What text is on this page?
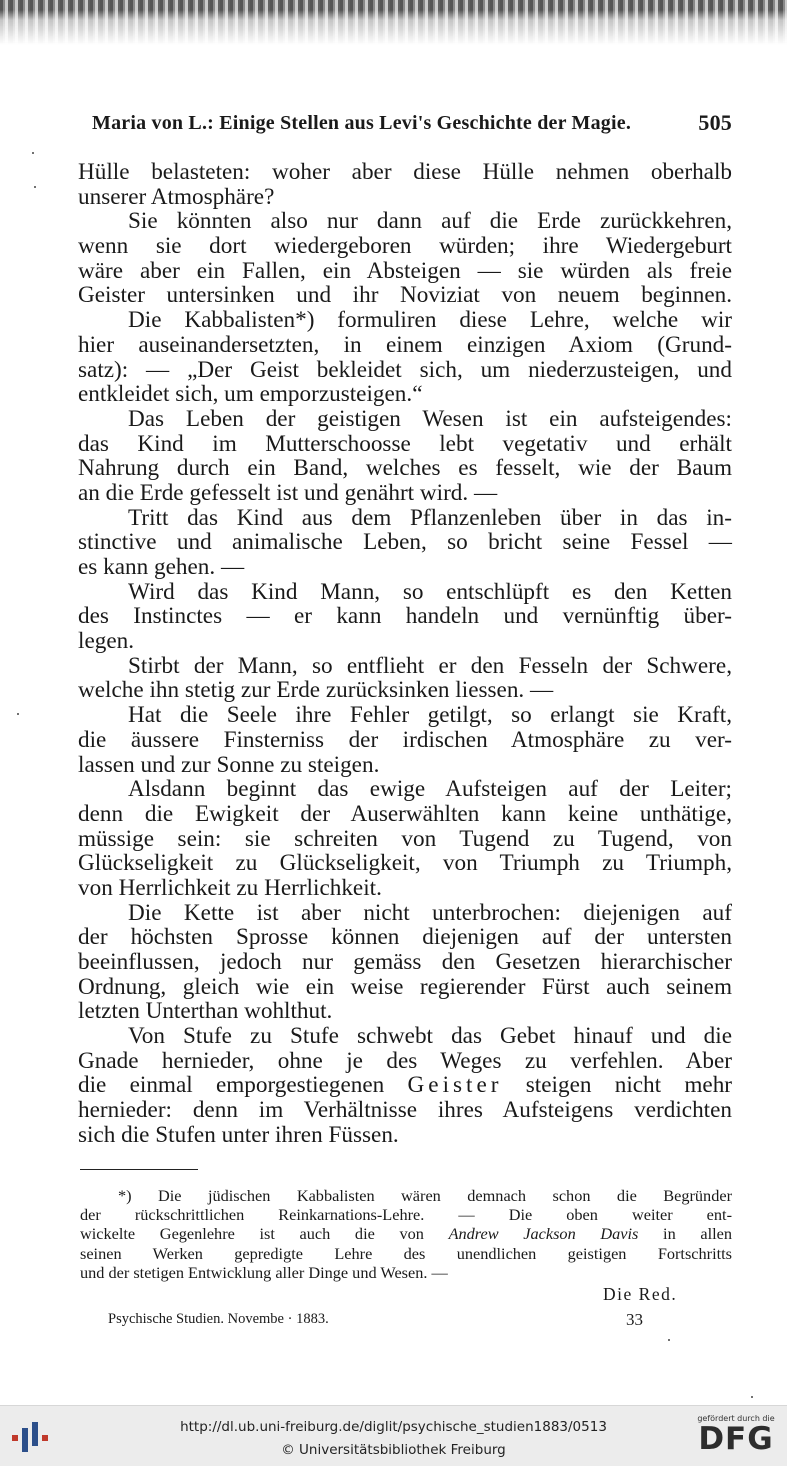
Maria von L.: Einige Stellen aus Levi's Geschichte der Magie.	505
Hülle belasteten: woher aber diese Hülle nehmen oberhalb
unserer Atmosphäre?
Sie könnten also nur dann auf die Erde zurückkehren,
wenn sie dort wiedergeboren würden; ihre Wiedergeburt
wäre aber ein Fallen, ein Absteigen — sie würden als freie
Geister untersinken und ihr Noviziat von neuem beginnen.
Die Kabbalisten*) formuliren diese Lehre, welche wir
hier auseinandersetzten, in einem einzigen Axiom (Grund-
satz): — „Der Geist bekleidet sich, um niederzusteigen, und
entkleidet sich, um emporzusteigen.“
Das Leben der geistigen Wesen ist ein aufsteigendes:
das Kind im Mutterschoosse lebt vegetativ und erhält
Nahrung durch ein Band, welches es fesselt, wie der Baum
an die Erde gefesselt ist und genährt wird. —
Tritt das Kind aus dem Pflanzenleben über in das in-
stinctive und animalische Leben, so bricht seine Fessel —
es kann gehen. —
Wird das Kind Mann, so entschlüpft es den Ketten
des Instinctes — er kann handeln und vernünftig über-
legen.
Stirbt der Mann, so entflieht er den Fesseln der Schwere,
welche ihn stetig zur Erde zurücksinken liessen. —
Hat die Seele ihre Fehler getilgt, so erlangt sie Kraft,
die äussere Finsterniss der irdischen Atmosphäre zu ver-
lassen und zur Sonne zu steigen.
Alsdann beginnt das ewige Aufsteigen auf der Leiter;
denn die Ewigkeit der Auserwählten kann keine unthätige,
müssige sein: sie schreiten von Tugend zu Tugend, von
Glückseligkeit zu Glückseligkeit, von Triumph zu Triumph,
von Herrlichkeit zu Herrlichkeit.
Die Kette ist aber nicht unterbrochen: diejenigen auf
der höchsten Sprosse können diejenigen auf der untersten
beeinflussen, jedoch nur gemäss den Gesetzen hierarchischer
Ordnung, gleich wie ein weise regierender Fürst auch seinem
letzten Unterthan wohlthut.
Von Stufe zu Stufe schwebt das Gebet hinauf und die
Gnade hernieder, ohne je des Weges zu verfehlen. Aber
die einmal emporgestiegenen Geister steigen nicht mehr
hernieder: denn im Verhältnisse ihres Aufsteigens verdichten
sich die Stufen unter ihren Füssen.
*) Die jüdischen Kabbalisten wären demnach schon die Begründer
der rückschrittlichen Reinkarnations-Lehre. — Die oben weiter ent-
wickelte Gegenlehre ist auch die von Andrew Jackson Davis in allen
seinen Werken gepredigte Lehre des unendlichen geistigen Fortschritts
und der stetigen Entwicklung aller Dinge und Wesen. —
Die Red.
Psychische Studien. Novembe · 1883.	33
http://dl.ub.uni-freiburg.de/diglit/psychische_studien1883/0513
© Universitätsbibliothek Freiburg
gefördert durch die
DFG
